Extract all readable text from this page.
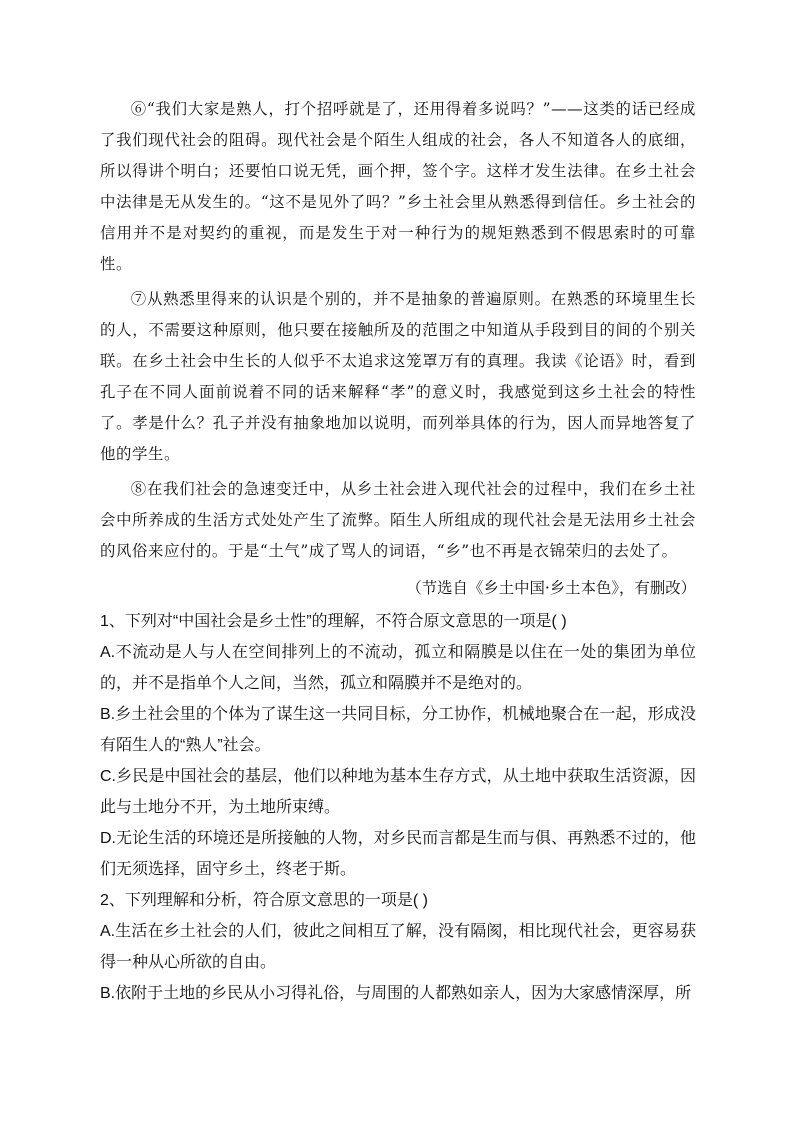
⑥“我们大家是熟人，打个招呼就是了，还用得着多说吗？”——这类的话已经成了我们现代社会的阻碍。现代社会是个陌生人组成的社会，各人不知道各人的底细，所以得讲个明白；还要怕口说无凭，画个押，签个字。这样才发生法律。在乡土社会中法律是无从发生的。“这不是见外了吗？”乡土社会里从熟悉得到信任。乡土社会的信用并不是对契约的重视，而是发生于对一种行为的规矩熟悉到不假思索时的可靠性。

⑦从熟悉里得来的认识是个别的，并不是抽象的普遍原则。在熟悉的环境里生长的人，不需要这种原则，他只要在接触所及的范围之中知道从手段到目的间的个别关联。在乡土社会中生长的人似乎不太追求这笼罩万有的真理。我读《论语》时，看到孔子在不同人面前说着不同的话来解释“孝”的意义时，我感觉到这乡土社会的特性了。孝是什么？孔子并没有抽象地加以说明，而列举具体的行为，因人而异地答复了他的学生。

⑧在我们社会的急速变迁中，从乡土社会进入现代社会的过程中，我们在乡土社会中所养成的生活方式处处产生了流弊。陌生人所组成的现代社会是无法用乡土社会的风俗来应付的。于是“土气”成了骂人的词语，“乡”也不再是衣锦荣归的去处了。

（节选自《乡土中国·乡土本色》，有删改）

1、下列对“中国社会是乡土性”的理解，不符合原文意思的一项是( )

A.不流动是人与人在空间排列上的不流动，孤立和隔膜是以住在一处的集团为单位的，并不是指单个人之间，当然，孤立和隔膜并不是绝对的。

B.乡土社会里的个体为了谋生这一共同目标，分工协作，机械地聚合在一起，形成没有陌生人的“熟人”社会。

C.乡民是中国社会的基层，他们以种地为基本生存方式，从土地中获取生活资源，因此与土地分不开，为土地所束缚。

D.无论生活的环境还是所接触的人物，对乡民而言都是生而与俱、再熟悉不过的，他们无须选择，固守乡土，终老于斯。

2、下列理解和分析，符合原文意思的一项是( )

A.生活在乡土社会的人们，彼此之间相互了解，没有隔阂，相比现代社会，更容易获得一种从心所欲的自由。

B.依附于土地的乡民从小习得礼俗，与周围的人都熟如亲人，因为大家感情深厚，所
